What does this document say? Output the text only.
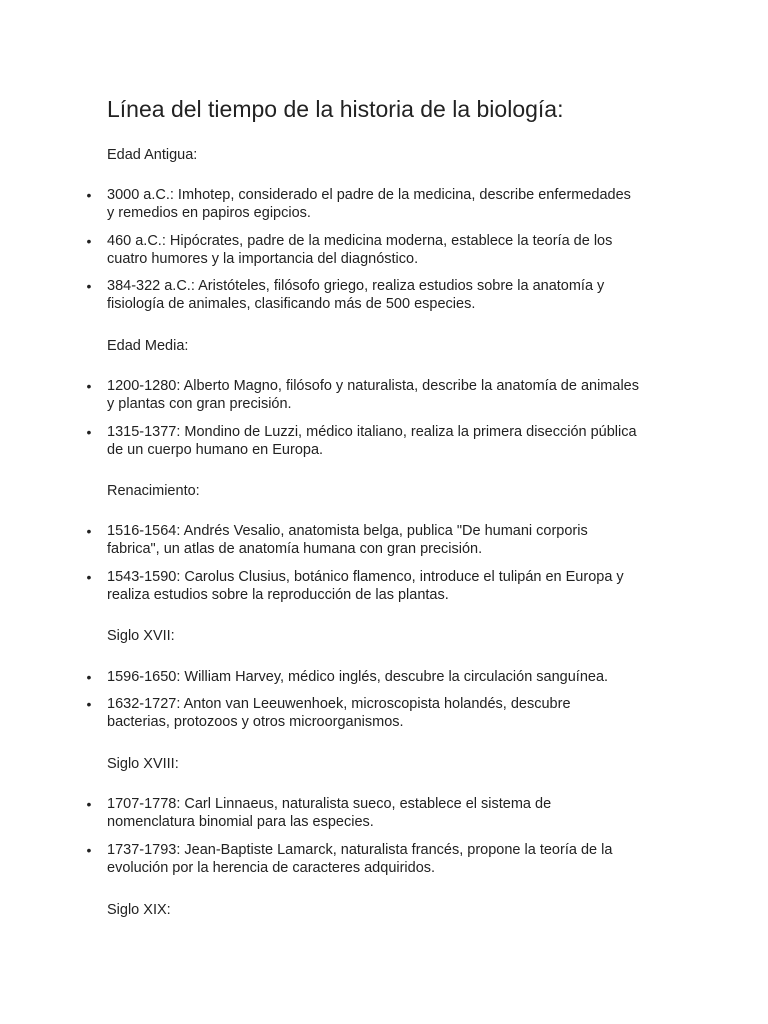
Línea del tiempo de la historia de la biología:
Edad Antigua:
• 3000 a.C.: Imhotep, considerado el padre de la medicina, describe enfermedades
y remedios en papiros egipcios.
• 460 a.C.: Hipócrates, padre de la medicina moderna, establece la teoría de los
cuatro humores y la importancia del diagnóstico.
• 384-322 a.C.: Aristóteles, filósofo griego, realiza estudios sobre la anatomía y
fisiología de animales, clasificando más de 500 especies.
Edad Media:
• 1200-1280: Alberto Magno, filósofo y naturalista, describe la anatomía de animales
y plantas con gran precisión.
• 1315-1377: Mondino de Luzzi, médico italiano, realiza la primera disección pública
de un cuerpo humano en Europa.
Renacimiento:
• 1516-1564: Andrés Vesalio, anatomista belga, publica "De humani corporis
fabrica", un atlas de anatomía humana con gran precisión.
• 1543-1590: Carolus Clusius, botánico flamenco, introduce el tulipán en Europa y
realiza estudios sobre la reproducción de las plantas.
Siglo XVII:
• 1596-1650: William Harvey, médico inglés, descubre la circulación sanguínea.
• 1632-1727: Anton van Leeuwenhoek, microscopista holandés, descubre
bacterias, protozoos y otros microorganismos.
Siglo XVIII:
• 1707-1778: Carl Linnaeus, naturalista sueco, establece el sistema de
nomenclatura binomial para las especies.
• 1737-1793: Jean-Baptiste Lamarck, naturalista francés, propone la teoría de la
evolución por la herencia de caracteres adquiridos.
Siglo XIX:
